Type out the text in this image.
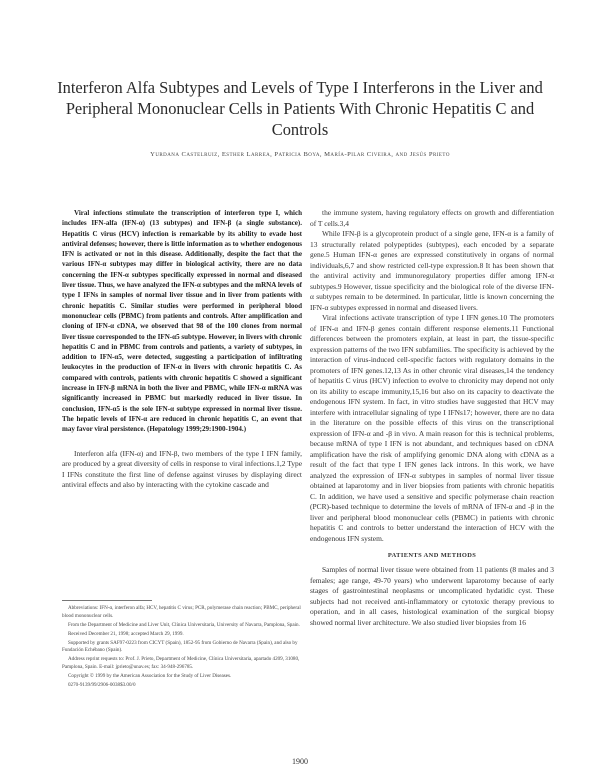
Interferon Alfa Subtypes and Levels of Type I Interferons in the Liver and Peripheral Mononuclear Cells in Patients With Chronic Hepatitis C and Controls
Yurdana Castelruiz, Esther Larrea, Patricia Boya, María-Pilar Civeira, and Jesús Prieto

Viral infections stimulate the transcription of interferon type I, which includes IFN-alfa (IFN-α) (13 subtypes) and IFN-β (a single substance). Hepatitis C virus (HCV) infection is remarkable by its ability to evade host antiviral defenses; however, there is little information as to whether endogenous IFN is activated or not in this disease. Additionally, despite the fact that the various IFN-α subtypes may differ in biological activity, there are no data concerning the IFN-α subtypes specifically expressed in normal and diseased liver tissue. Thus, we have analyzed the IFN-α subtypes and the mRNA levels of type I IFNs in samples of normal liver tissue and in liver from patients with chronic hepatitis C. Similar studies were performed in peripheral blood mononuclear cells (PBMC) from patients and controls. After amplification and cloning of IFN-α cDNA, we observed that 98 of the 100 clones from normal liver tissue corresponded to the IFN-α5 subtype. However, in livers with chronic hepatitis C and in PBMC from controls and patients, a variety of subtypes, in addition to IFN-α5, were detected, suggesting a participation of infiltrating leukocytes in the production of IFN-α in livers with chronic hepatitis C. As compared with controls, patients with chronic hepatitis C showed a significant increase in IFN-β mRNA in both the liver and PBMC, while IFN-α mRNA was significantly increased in PBMC but markedly reduced in liver tissue. In conclusion, IFN-α5 is the sole IFN-α subtype expressed in normal liver tissue. The hepatic levels of IFN-α are reduced in chronic hepatitis C, an event that may favor viral persistence. (Hepatology 1999;29:1900-1904.)

Interferon alfa (IFN-α) and IFN-β, two members of the type I IFN family, are produced by a great diversity of cells in response to viral infections.1,2 Type I IFNs constitute the first line of defense against viruses by displaying direct antiviral effects and also by interacting with the cytokine cascade and

Abbreviations: IFN-α, interferon alfa; HCV, hepatitis C virus; PCR, polymerase chain reaction; PBMC, peripheral blood mononuclear cells.

From the Department of Medicine and Liver Unit, Clínica Universitaria, University of Navarra, Pamplona, Spain.

Received December 21, 1998; accepted March 29, 1999.

Supported by grants SAF97-0223 from CICYT (Spain), 1852-95 from Gobierno de Navarra (Spain), and also by Fundación Echébano (Spain).

Address reprint requests to: Prof. J. Prieto, Department of Medicine, Clínica Universitaria, apartado 4209, 31080, Pamplona, Spain. E-mail: jprieto@unav.es; fax: 34-948-296785.

Copyright © 1999 by the American Association for the Study of Liver Diseases.

0270-9139/99/2906-0038$3.00/0

the immune system, having regulatory effects on growth and differentiation of T cells.3,4

While IFN-β is a glycoprotein product of a single gene, IFN-α is a family of 13 structurally related polypeptides (subtypes), each encoded by a separate gene.5 Human IFN-α genes are expressed constitutively in organs of normal individuals,6,7 and show restricted cell-type expression.8 It has been shown that the antiviral activity and immunoregulatory properties differ among IFN-α subtypes.9 However, tissue specificity and the biological role of the diverse IFN-α subtypes remain to be determined. In particular, little is known concerning the IFN-α subtypes expressed in normal and diseased livers.

Viral infections activate transcription of type I IFN genes.10 The promoters of IFN-α and IFN-β genes contain different response elements.11 Functional differences between the promoters explain, at least in part, the tissue-specific expression patterns of the two IFN subfamilies. The specificity is achieved by the interaction of virus-induced cell-specific factors with regulatory domains in the promoters of IFN genes.12,13 As in other chronic viral diseases,14 the tendency of hepatitis C virus (HCV) infection to evolve to chronicity may depend not only on its ability to escape immunity,15,16 but also on its capacity to deactivate the endogenous IFN system. In fact, in vitro studies have suggested that HCV may interfere with intracellular signaling of type I IFNs17; however, there are no data in the literature on the possible effects of this virus on the transcriptional expression of IFN-α and -β in vivo. A main reason for this is technical problems, because mRNA of type I IFN is not abundant, and techniques based on cDNA amplification have the risk of amplifying genomic DNA along with cDNA as a result of the fact that type I IFN genes lack introns. In this work, we have analyzed the expression of IFN-α subtypes in samples of normal liver tissue obtained at laparotomy and in liver biopsies from patients with chronic hepatitis C. In addition, we have used a sensitive and specific polymerase chain reaction (PCR)-based technique to determine the levels of mRNA of IFN-α and -β in the liver and peripheral blood mononuclear cells (PBMC) in patients with chronic hepatitis C and controls to better understand the interaction of HCV with the endogenous IFN system.

PATIENTS AND METHODS

Samples of normal liver tissue were obtained from 11 patients (8 males and 3 females; age range, 49-70 years) who underwent laparotomy because of early stages of gastrointestinal neoplasms or uncomplicated hydatidic cyst. These subjects had not received anti-inflammatory or cytotoxic therapy previous to operation, and in all cases, histological examination of the surgical biopsy showed normal liver architecture. We also studied liver biopsies from 16

1900
